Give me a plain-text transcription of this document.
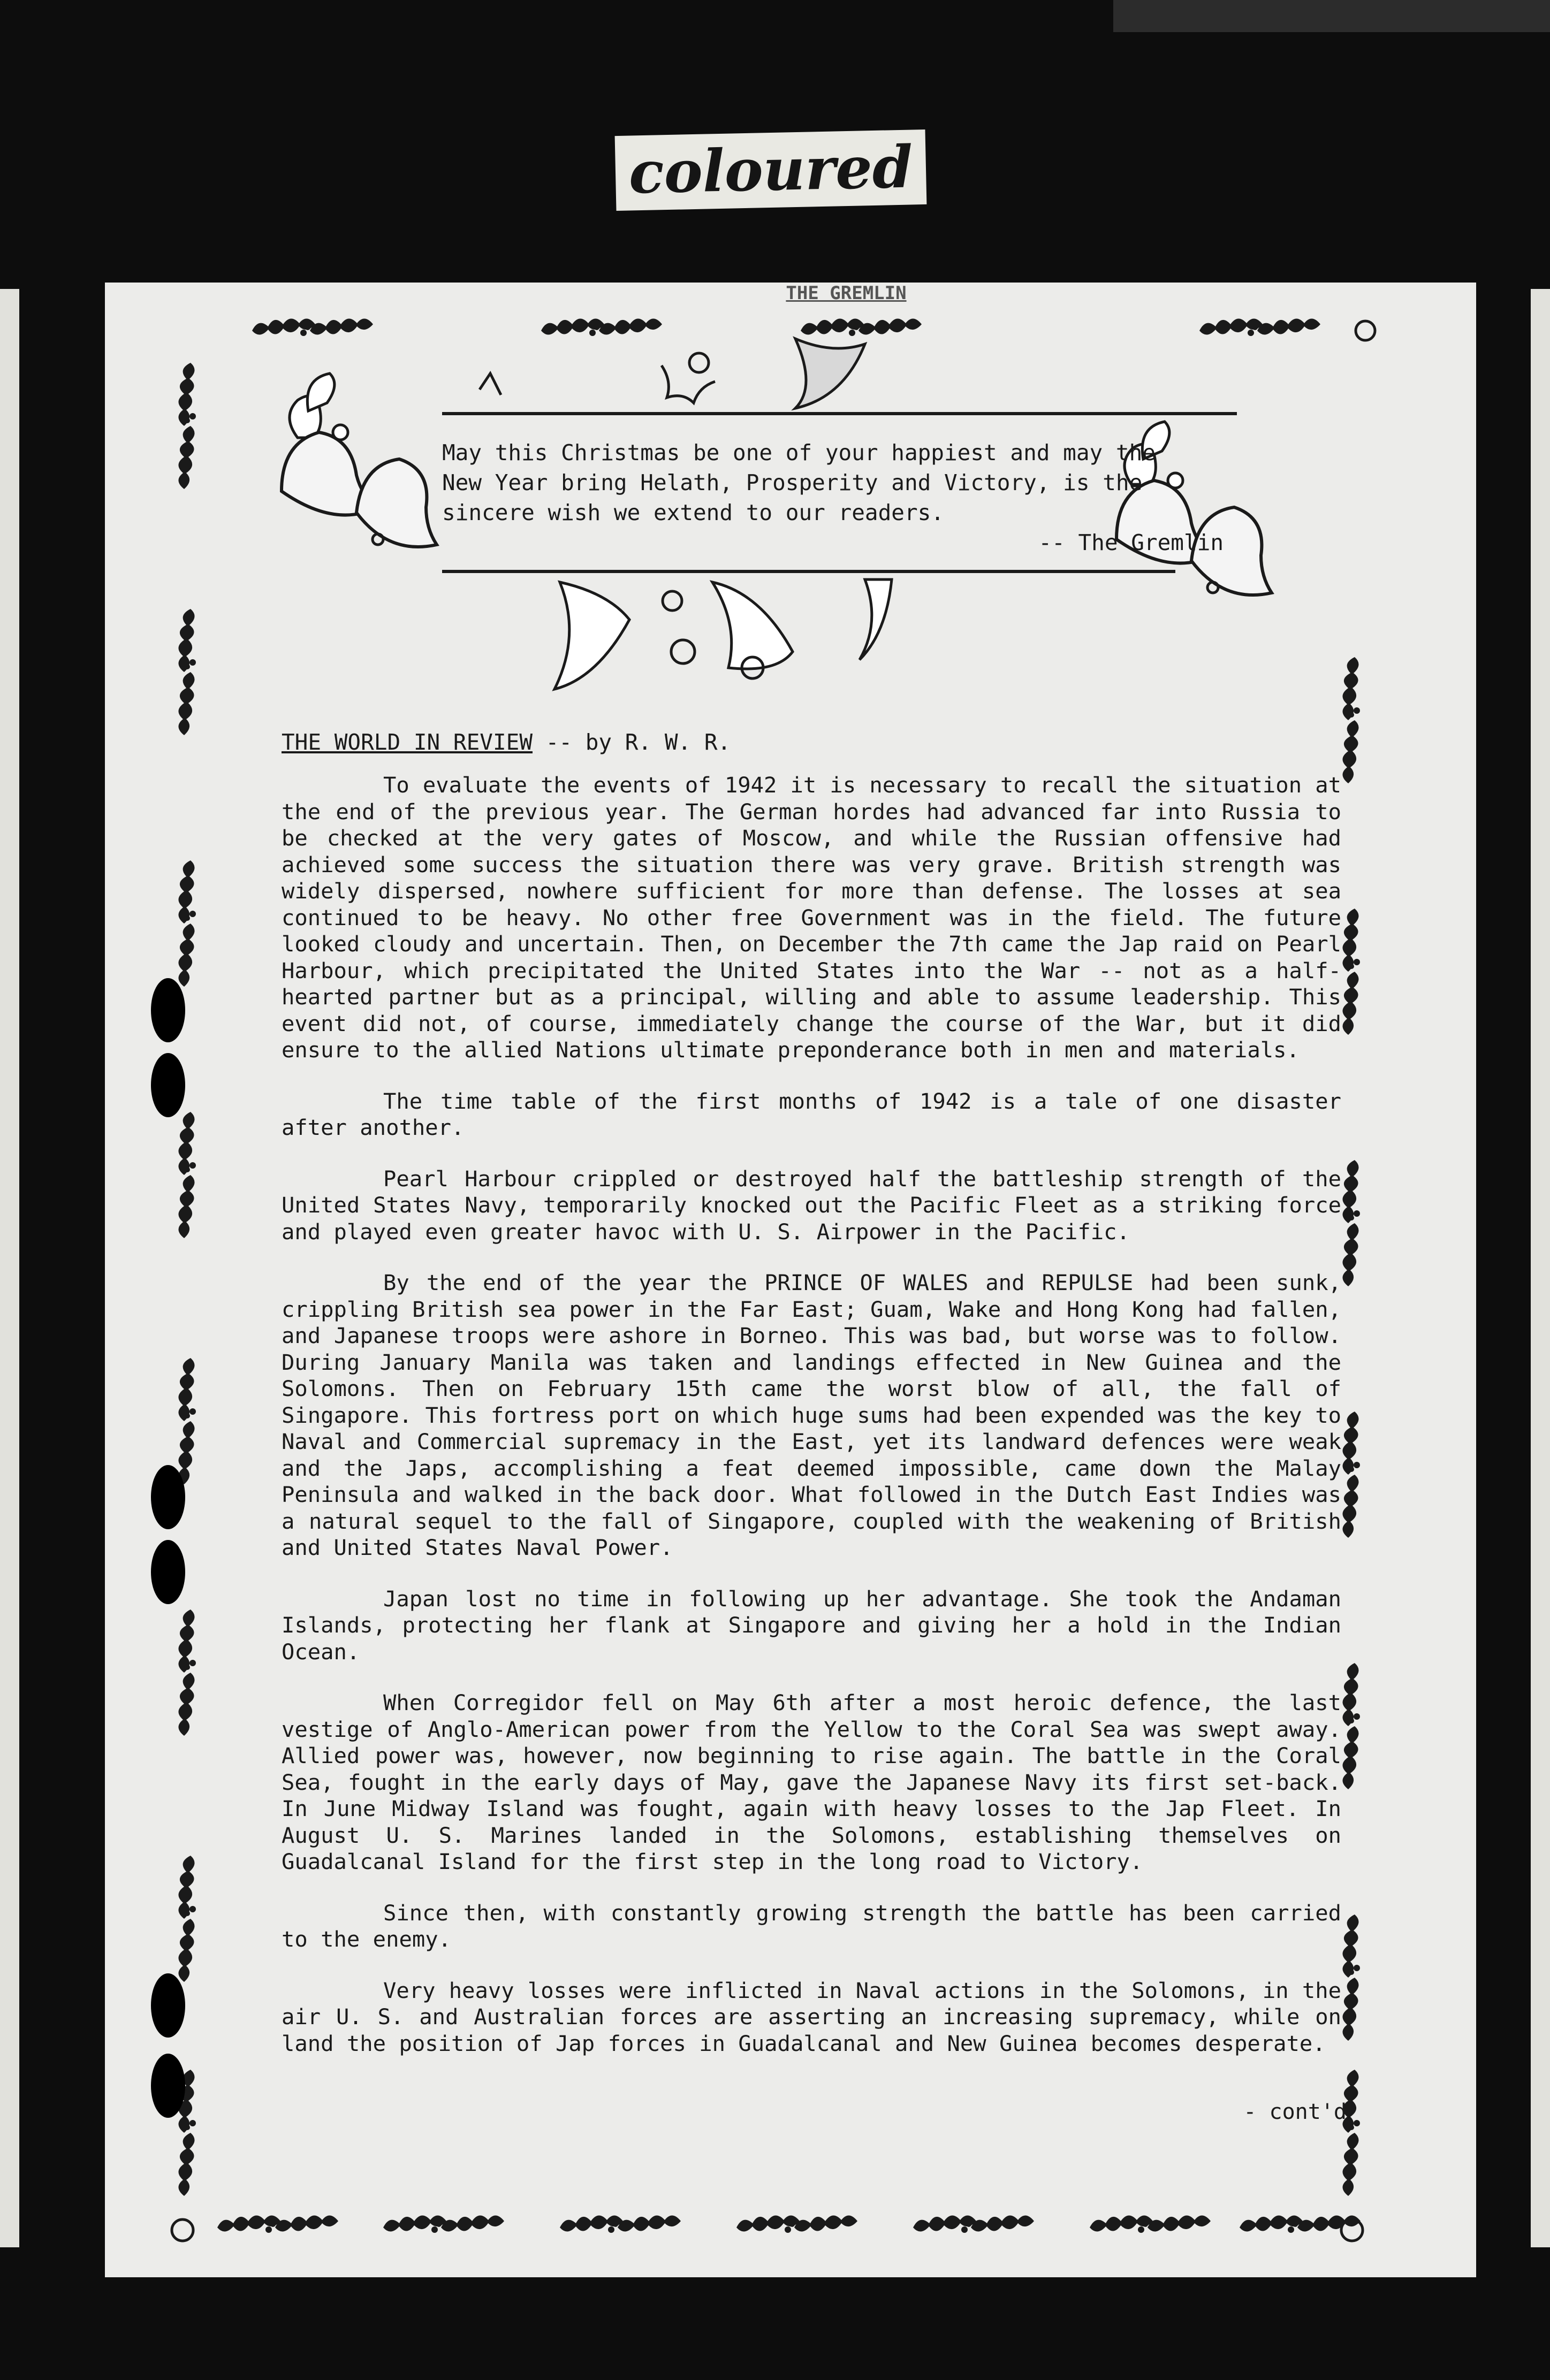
coloured
THE GREMLIN
May this Christmas be one of your happiest and may the
New Year bring Helath, Prosperity and Victory, is the
sincere wish we extend to our readers.
-- The Gremlin
THE WORLD IN REVIEW -- by R. W. R.

To evaluate the events of 1942 it is necessary to recall the situation at the end of the previous year. The German hordes had advanced far into Russia to be checked at the very gates of Moscow, and while the Russian offensive had achieved some success the situation there was very grave. British strength was widely dispersed, nowhere sufficient for more than defense. The losses at sea continued to be heavy. No other free Government was in the field. The future looked cloudy and uncertain. Then, on December the 7th came the Jap raid on Pearl Harbour, which precipitated the United States into the War -- not as a half-hearted partner but as a principal, willing and able to assume leadership. This event did not, of course, immediately change the course of the War, but it did ensure to the allied Nations ultimate preponderance both in men and materials.

The time table of the first months of 1942 is a tale of one disaster after another.

Pearl Harbour crippled or destroyed half the battleship strength of the United States Navy, temporarily knocked out the Pacific Fleet as a striking force and played even greater havoc with U. S. Airpower in the Pacific.

By the end of the year the PRINCE OF WALES and REPULSE had been sunk, crippling British sea power in the Far East; Guam, Wake and Hong Kong had fallen, and Japanese troops were ashore in Borneo. This was bad, but worse was to follow. During January Manila was taken and landings effected in New Guinea and the Solomons. Then on February 15th came the worst blow of all, the fall of Singapore. This fortress port on which huge sums had been expended was the key to Naval and Commercial supremacy in the East, yet its landward defences were weak and the Japs, accomplishing a feat deemed impossible, came down the Malay Peninsula and walked in the back door. What followed in the Dutch East Indies was a natural sequel to the fall of Singapore, coupled with the weakening of British and United States Naval Power.

Japan lost no time in following up her advantage. She took the Andaman Islands, protecting her flank at Singapore and giving her a hold in the Indian Ocean.

When Corregidor fell on May 6th after a most heroic defence, the last vestige of Anglo-American power from the Yellow to the Coral Sea was swept away. Allied power was, however, now beginning to rise again. The battle in the Coral Sea, fought in the early days of May, gave the Japanese Navy its first set-back. In June Midway Island was fought, again with heavy losses to the Jap Fleet. In August U. S. Marines landed in the Solomons, establishing themselves on Guadalcanal Island for the first step in the long road to Victory.

Since then, with constantly growing strength the battle has been carried to the enemy.

Very heavy losses were inflicted in Naval actions in the Solomons, in the air U. S. and Australian forces are asserting an increasing supremacy, while on land the position of Jap forces in Guadalcanal and New Guinea becomes desperate.

- cont'd
